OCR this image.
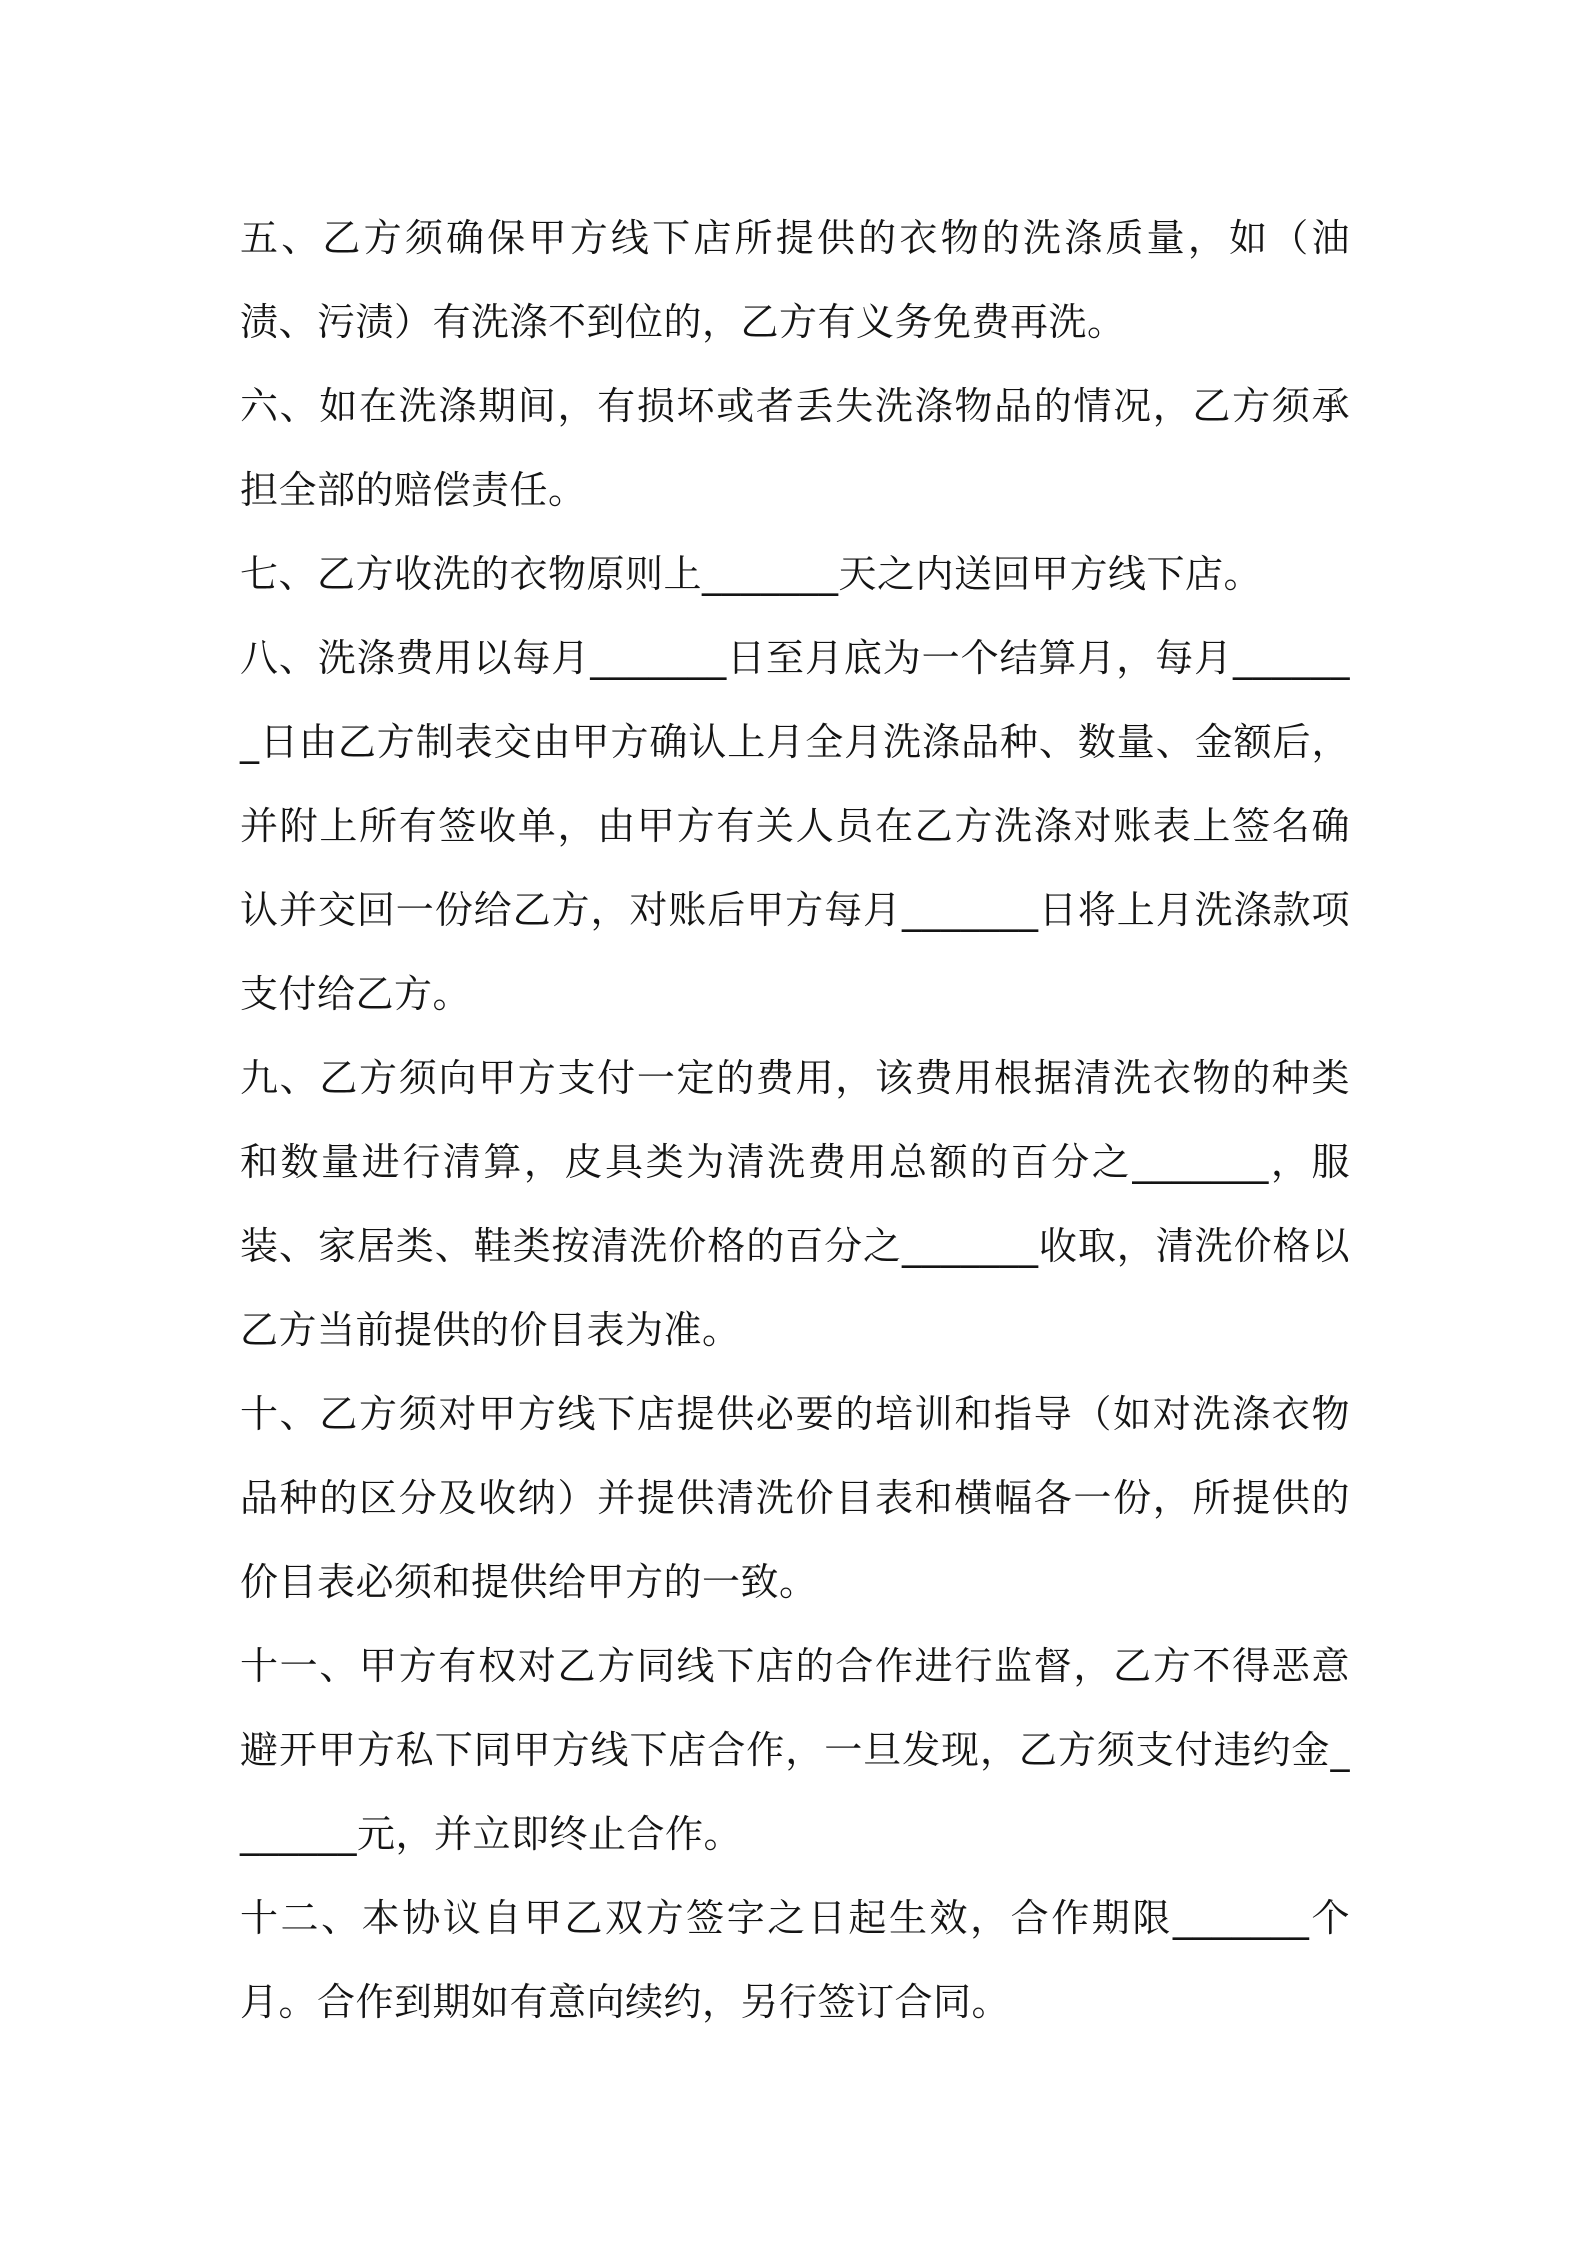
五、乙方须确保甲方线下店所提供的衣物的洗涤质量，如（油渍、污渍）有洗涤不到位的，乙方有义务免费再洗。

六、如在洗涤期间，有损坏或者丢失洗涤物品的情况，乙方须承担全部的赔偿责任。

七、乙方收洗的衣物原则上_______天之内送回甲方线下店。

八、洗涤费用以每月_______日至月底为一个结算月，每月_______日由乙方制表交由甲方确认上月全月洗涤品种、数量、金额后，并附上所有签收单，由甲方有关人员在乙方洗涤对账表上签名确认并交回一份给乙方，对账后甲方每月_______日将上月洗涤款项支付给乙方。

九、乙方须向甲方支付一定的费用，该费用根据清洗衣物的种类和数量进行清算，皮具类为清洗费用总额的百分之_______，服装、家居类、鞋类按清洗价格的百分之_______收取，清洗价格以乙方当前提供的价目表为准。

十、乙方须对甲方线下店提供必要的培训和指导（如对洗涤衣物品种的区分及收纳）并提供清洗价目表和横幅各一份，所提供的价目表必须和提供给甲方的一致。

十一、甲方有权对乙方同线下店的合作进行监督，乙方不得恶意避开甲方私下同甲方线下店合作，一旦发现，乙方须支付违约金_______元，并立即终止合作。

十二、本协议自甲乙双方签字之日起生效，合作期限_______个月。合作到期如有意向续约，另行签订合同。
